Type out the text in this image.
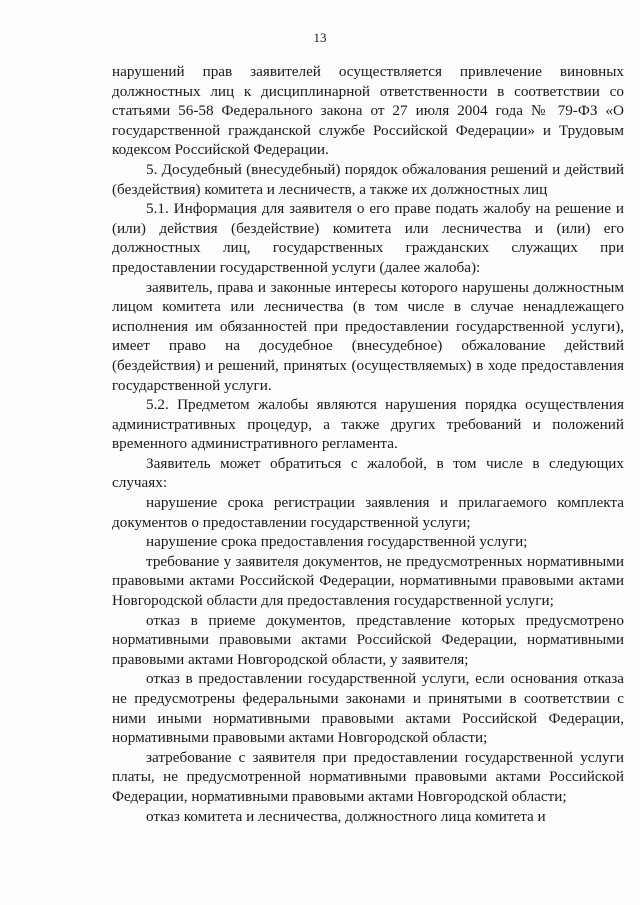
13

нарушений прав заявителей осуществляется привлечение виновных должностных лиц к дисциплинарной ответственности в соответствии со статьями 56-58 Федерального закона от 27 июля 2004 года № 79-ФЗ «О государственной гражданской службе Российской Федерации» и Трудовым кодексом Российской Федерации.

5. Досудебный (внесудебный) порядок обжалования решений и действий (бездействия) комитета и лесничеств, а также их должностных лиц

5.1. Информация для заявителя о его праве подать жалобу на решение и (или) действия (бездействие) комитета или лесничества и (или) его должностных лиц, государственных гражданских служащих при предоставлении государственной услуги (далее жалоба):

заявитель, права и законные интересы которого нарушены должностным лицом комитета или лесничества (в том числе в случае ненадлежащего исполнения им обязанностей при предоставлении государственной услуги), имеет право на досудебное (внесудебное) обжалование действий (бездействия) и решений, принятых (осуществляемых) в ходе предоставления государственной услуги.

5.2. Предметом жалобы являются нарушения порядка осуществления административных процедур, а также других требований и положений временного административного регламента.

Заявитель может обратиться с жалобой, в том числе в следующих случаях:

нарушение срока регистрации заявления и прилагаемого комплекта документов о предоставлении государственной услуги;

нарушение срока предоставления государственной услуги;

требование у заявителя документов, не предусмотренных нормативными правовыми актами Российской Федерации, нормативными правовыми актами Новгородской области для предоставления государственной услуги;

отказ в приеме документов, представление которых предусмотрено нормативными правовыми актами Российской Федерации, нормативными правовыми актами Новгородской области, у заявителя;

отказ в предоставлении государственной услуги, если основания отказа не предусмотрены федеральными законами и принятыми в соответствии с ними иными нормативными правовыми актами Российской Федерации, нормативными правовыми актами Новгородской области;

затребование с заявителя при предоставлении государственной услуги платы, не предусмотренной нормативными правовыми актами Российской Федерации, нормативными правовыми актами Новгородской области;

отказ комитета и лесничества, должностного лица комитета и
